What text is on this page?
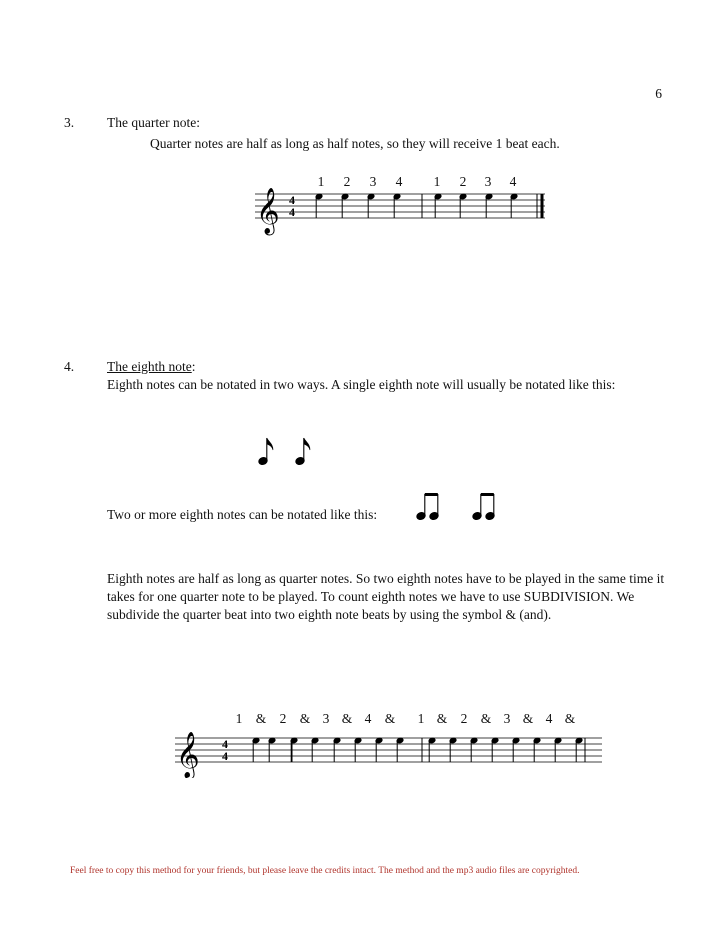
6
3. The quarter note:
Quarter notes are half as long as half notes, so they will receive 1 beat each.
1 2 3 4 1 2 3 4
𝄞 4
4
4. The eighth note:
Eighth notes can be notated in two ways. A single eighth note will usually be notated like this:
Two or more eighth notes can be notated like this:
Eighth notes are half as long as quarter notes. So two eighth notes have to be played in the same time it takes for one quarter note to be played. To count eighth notes we have to use SUBDIVISION. We subdivide the quarter beat into two eighth note beats by using the symbol & (and).
1 & 2 & 3 & 4 & 1 & 2 & 3 & 4 &
𝄞 4
4
Feel free to copy this method for your friends, but please leave the credits intact. The method and the mp3 audio files are copyrighted.
